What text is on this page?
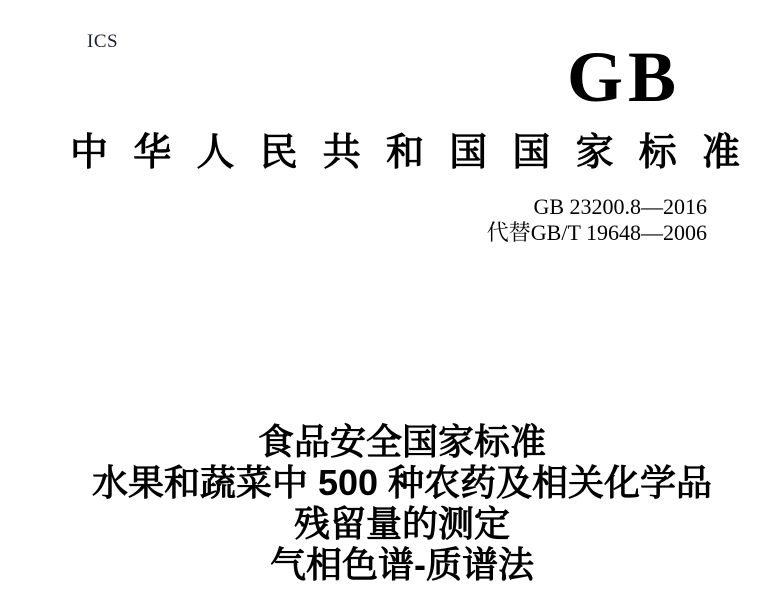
ICS	GB
中华人民共和国国家标准
GB 23200.8—2016
代替GB/T 19648—2006
食品安全国家标准
水果和蔬菜中 500 种农药及相关化学品
残留量的测定
气相色谱-质谱法
